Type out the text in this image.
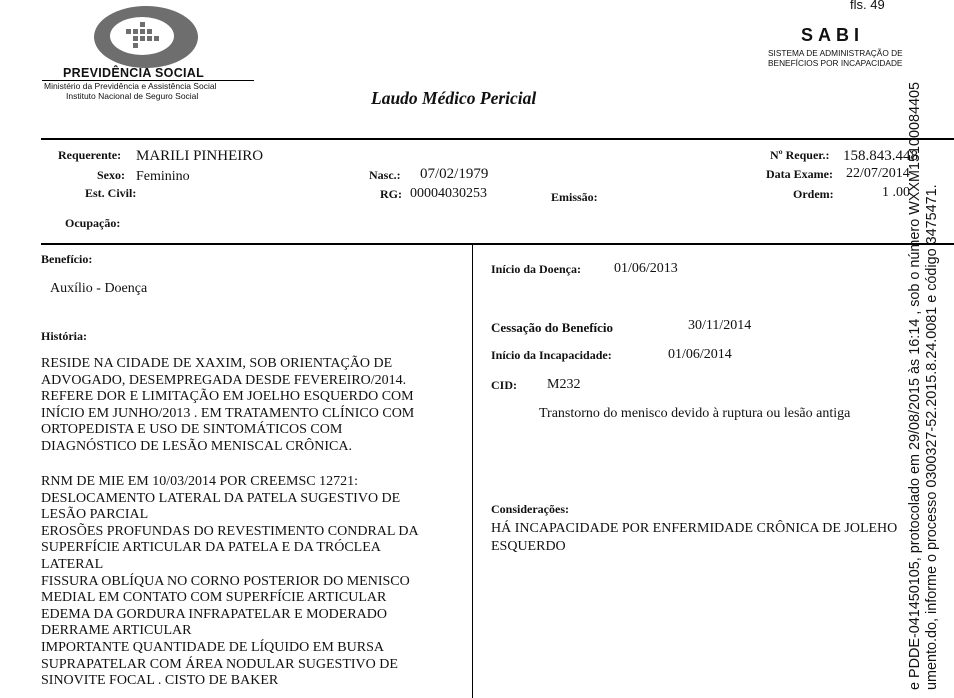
fls. 49
PREVIDÊNCIA SOCIAL
Ministério da Previdência e Assistência Social
Instituto Nacional de Seguro Social
SABI
SISTEMA DE ADMINISTRAÇÃO DE
BENEFÍCIOS POR INCAPACIDADE
Laudo Médico Pericial
Requerente: MARILI PINHEIRO
Sexo: Feminino
Est. Civil:
Ocupação:
Nasc.: 07/02/1979
RG: 00004030253	Emissão:
Nº Requer.: 158.843.448
Data Exame: 22/07/2014
Ordem:	1 .00
Benefício:
Auxílio - Doença
História:
RESIDE NA CIDADE DE XAXIM, SOB ORIENTAÇÃO DE
ADVOGADO, DESEMPREGADA DESDE FEVEREIRO/2014.
REFERE DOR E LIMITAÇÃO EM JOELHO ESQUERDO COM
INÍCIO EM JUNHO/2013 . EM TRATAMENTO CLÍNICO COM
ORTOPEDISTA E USO DE SINTOMÁTICOS COM
DIAGNÓSTICO DE LESÃO MENISCAL CRÔNICA.
RNM DE MIE EM 10/03/2014 POR CREEMSC 12721:
DESLOCAMENTO LATERAL DA PATELA SUGESTIVO DE
LESÃO PARCIAL
EROSÕES PROFUNDAS DO REVESTIMENTO CONDRAL DA
SUPERFÍCIE ARTICULAR DA PATELA E DA TRÓCLEA
LATERAL
FISSURA OBLÍQUA NO CORNO POSTERIOR DO MENISCO
MEDIAL EM CONTATO COM SUPERFÍCIE ARTICULAR
EDEMA DA GORDURA INFRAPATELAR E MODERADO
DERRAME ARTICULAR
IMPORTANTE QUANTIDADE DE LÍQUIDO EM BURSA
SUPRAPATELAR COM ÁREA NODULAR SUGESTIVO DE
SINOVITE FOCAL . CISTO DE BAKER
Início da Doença: 01/06/2013
Cessação do Benefício	30/11/2014
Início da Incapacidade:	01/06/2014
CID: M232
Transtorno do menisco devido à ruptura ou lesão antiga
Considerações:
HÁ INCAPACIDADE POR ENFERMIDADE CRÔNICA DE JOLEHO
ESQUERDO	e PDDE-041450105, protocolado em 29/08/2015 às 16:14 , sob o número WXXM15100084405 umento.do, informe o processo 0300327-52.2015.8.24.0081 e código 3475471.
